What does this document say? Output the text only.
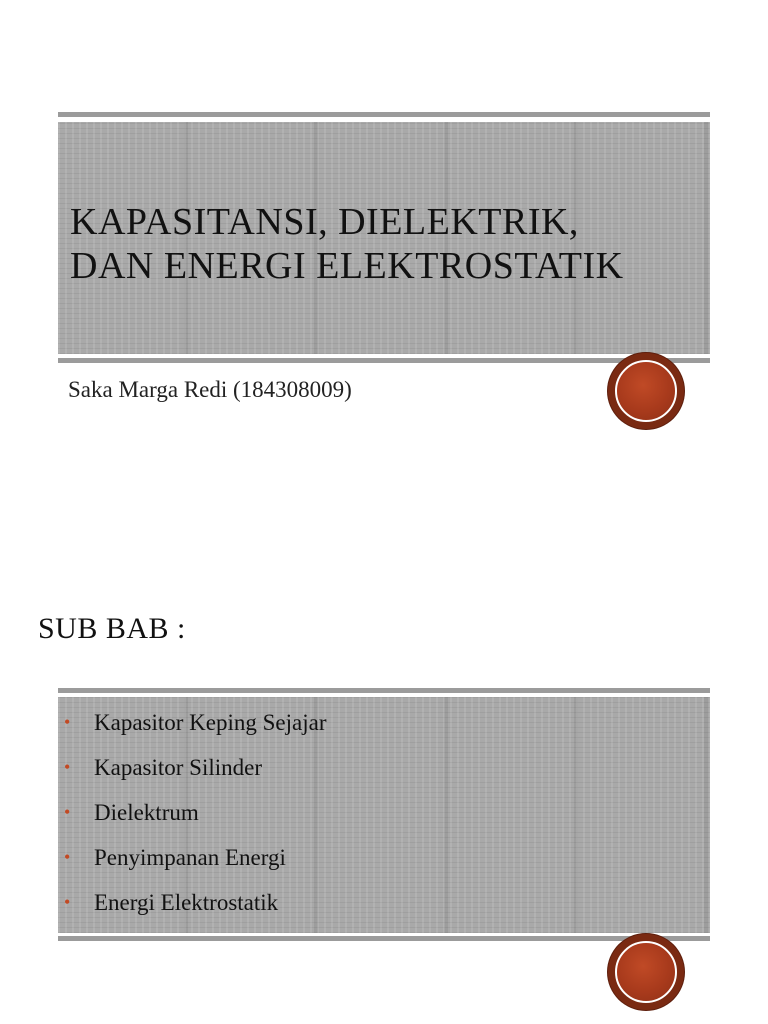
KAPASITANSI, DIELEKTRIK,
DAN ENERGI ELEKTROSTATIK
Saka Marga Redi (184308009)
SUB BAB :
• Kapasitor Keping Sejajar
• Kapasitor Silinder
• Dielektrum
• Penyimpanan Energi
• Energi Elektrostatik
